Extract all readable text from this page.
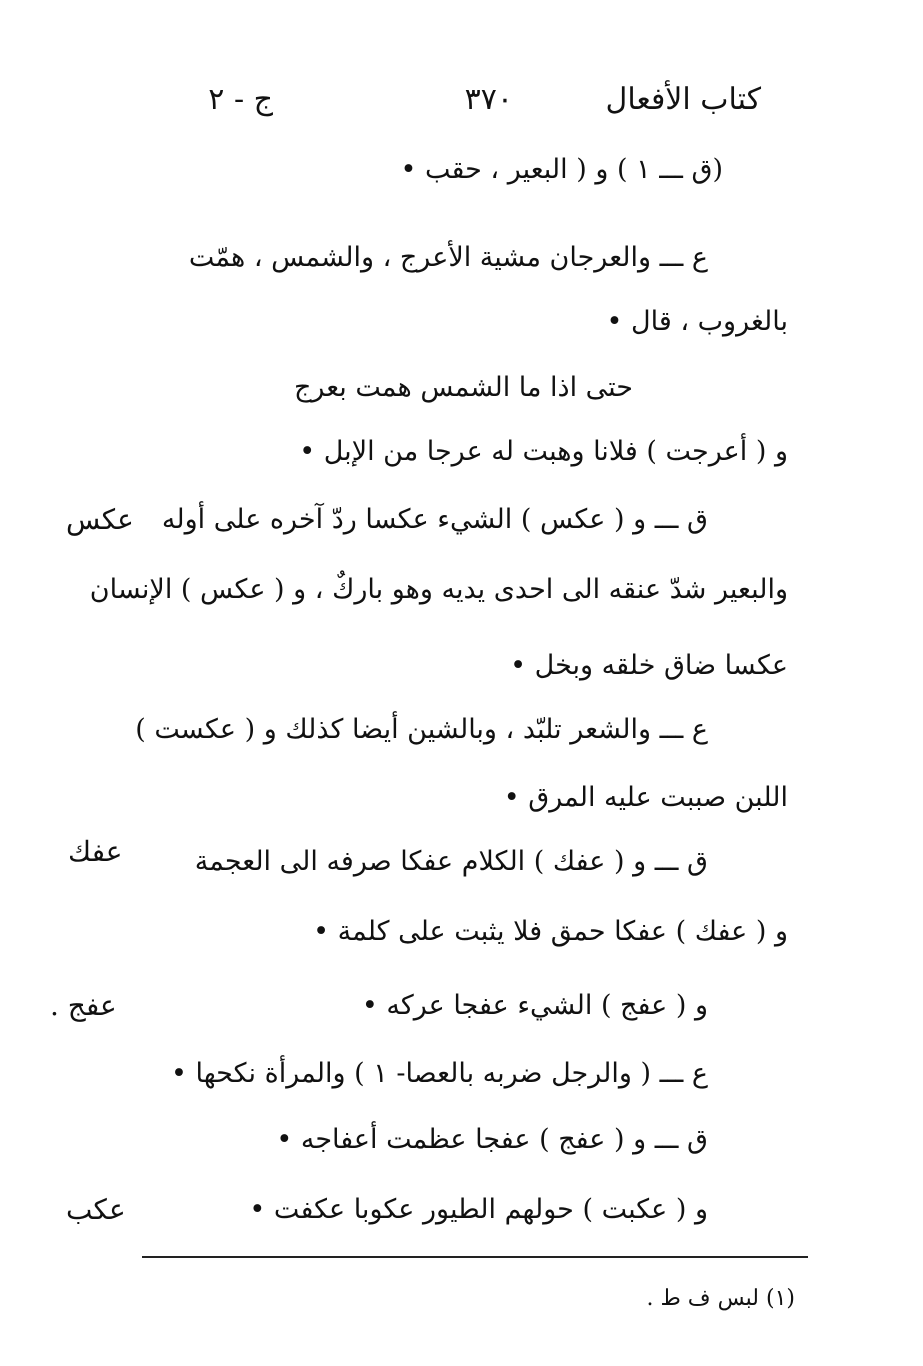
كتاب الأفعال
٣٧٠
ج - ٢
(ق ـــ ١ ) و ( البعير ، حقب •
ع ـــ والعرجان مشية الأعرج ، والشمس ، همّت
بالغروب ، قال •
حتى اذا ما الشمس همت بعرج
و ( أعرجت ) فلانا وهبت له عرجا من الإبل •
ق ـــ و ( عكس ) الشيء عكسا ردّ آخره على أوله
والبعير شدّ عنقه الى احدى يديه وهو باركٌ ، و ( عكس ) الإنسان
عكسا ضاق خلقه وبخل •
ع ـــ والشعر تلبّد ، وبالشين أيضا كذلك و ( عكست )
اللبن صببت عليه المرق •
ق ـــ و ( عفك ) الكلام عفكا صرفه الى العجمة
و ( عفك ) عفكا حمق فلا يثبت على كلمة •
و ( عفج ) الشيء عفجا عركه •
ع ـــ ( والرجل ضربه بالعصا- ١ ) والمرأة نكحها •
ق ـــ و ( عفج ) عفجا عظمت أعفاجه •
و ( عكبت ) حولهم الطيور عكوبا عكفت •
عكس
عفك
عفج .
عكب
(١) لبس ف ط .
